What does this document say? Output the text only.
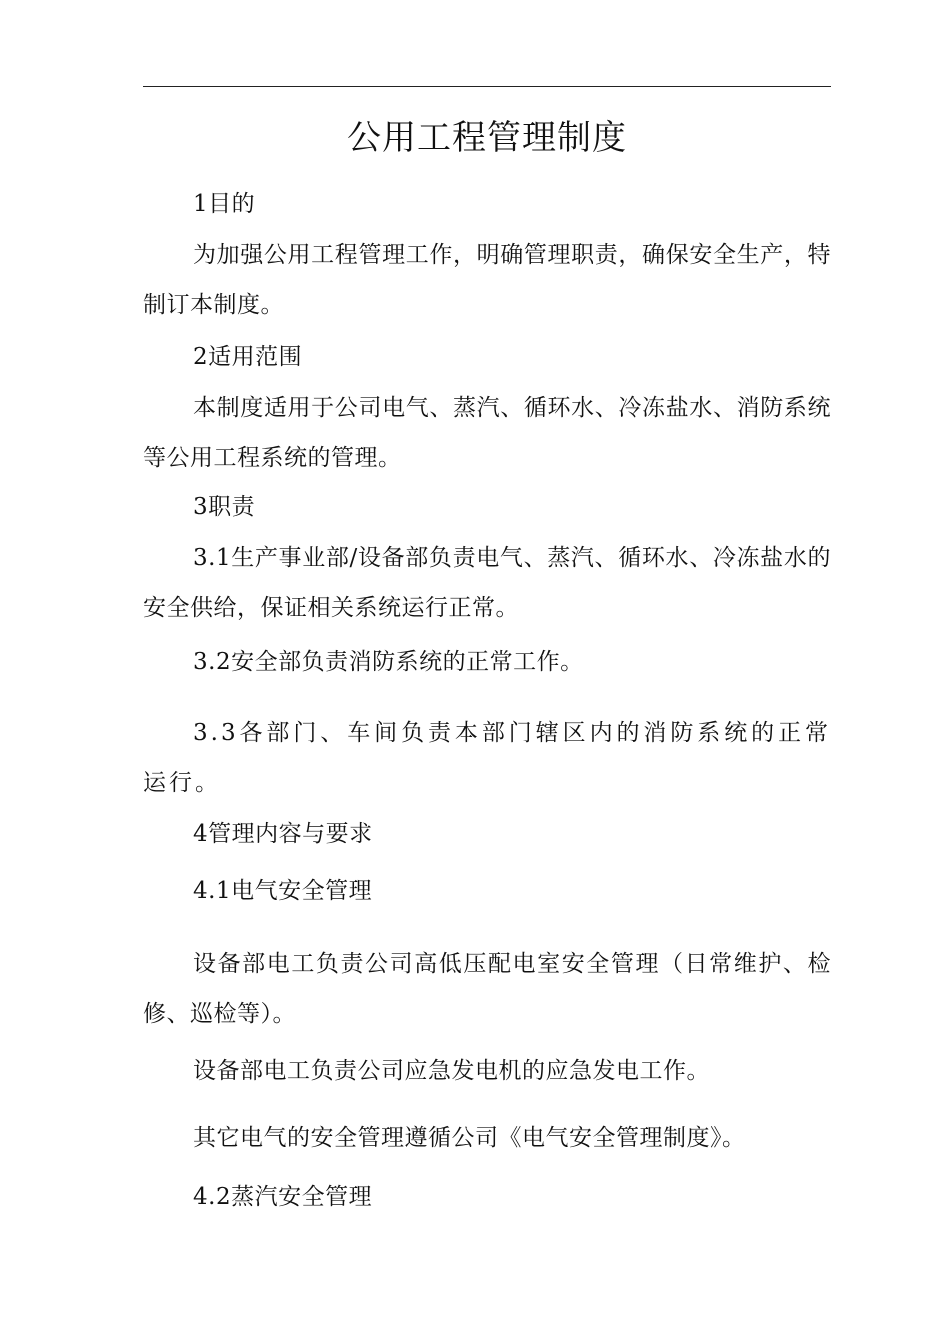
公用工程管理制度

1目的

为加强公用工程管理工作，明确管理职责，确保安全生产，特制订本制度。

2适用范围

本制度适用于公司电气、蒸汽、循环水、冷冻盐水、消防系统等公用工程系统的管理。

3职责

3.1生产事业部/设备部负责电气、蒸汽、循环水、冷冻盐水的安全供给，保证相关系统运行正常。

3.2安全部负责消防系统的正常工作。

3.3各部门、车间负责本部门辖区内的消防系统的正常运行。

4管理内容与要求

4.1电气安全管理

设备部电工负责公司高低压配电室安全管理（日常维护、检修、巡检等）。

设备部电工负责公司应急发电机的应急发电工作。

其它电气的安全管理遵循公司《电气安全管理制度》。

4.2蒸汽安全管理
